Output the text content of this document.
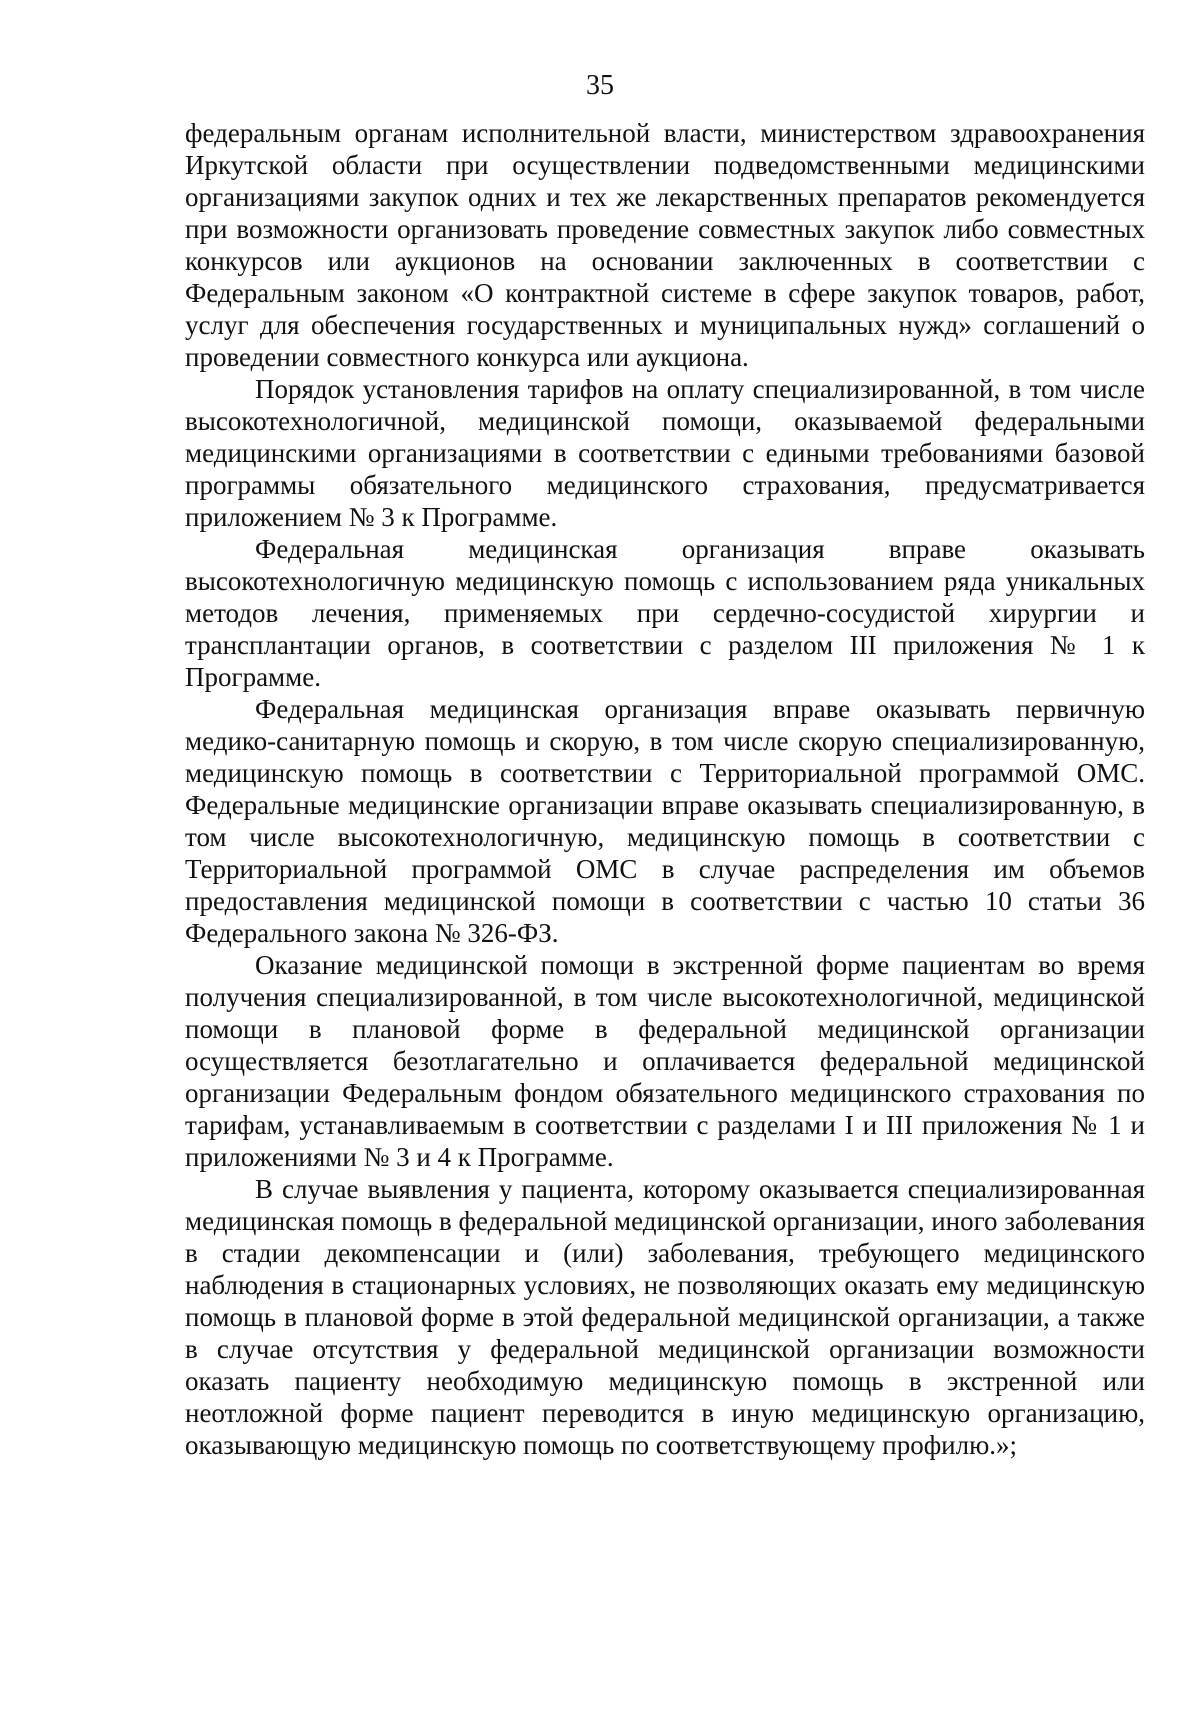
35

федеральным органам исполнительной власти, министерством здравоохранения Иркутской области при осуществлении подведомственными медицинскими организациями закупок одних и тех же лекарственных препаратов рекомендуется при возможности организовать проведение совместных закупок либо совместных конкурсов или аукционов на основании заключенных в соответствии с Федеральным законом «О контрактной системе в сфере закупок товаров, работ, услуг для обеспечения государственных и муниципальных нужд» соглашений о проведении совместного конкурса или аукциона.

Порядок установления тарифов на оплату специализированной, в том числе высокотехнологичной, медицинской помощи, оказываемой федеральными медицинскими организациями в соответствии с едиными требованиями базовой программы обязательного медицинского страхования, предусматривается приложением № 3 к Программе.

Федеральная медицинская организация вправе оказывать высокотехнологичную медицинскую помощь с использованием ряда уникальных методов лечения, применяемых при сердечно-сосудистой хирургии и трансплантации органов, в соответствии с разделом III приложения № 1 к Программе.

Федеральная медицинская организация вправе оказывать первичную медико-санитарную помощь и скорую, в том числе скорую специализированную, медицинскую помощь в соответствии с Территориальной программой ОМС. Федеральные медицинские организации вправе оказывать специализированную, в том числе высокотехнологичную, медицинскую помощь в соответствии с Территориальной программой ОМС в случае распределения им объемов предоставления медицинской помощи в соответствии с частью 10 статьи 36 Федерального закона № 326-ФЗ.

Оказание медицинской помощи в экстренной форме пациентам во время получения специализированной, в том числе высокотехнологичной, медицинской помощи в плановой форме в федеральной медицинской организации осуществляется безотлагательно и оплачивается федеральной медицинской организации Федеральным фондом обязательного медицинского страхования по тарифам, устанавливаемым в соответствии с разделами I и III приложения № 1 и приложениями № 3 и 4 к Программе.

В случае выявления у пациента, которому оказывается специализированная медицинская помощь в федеральной медицинской организации, иного заболевания в стадии декомпенсации и (или) заболевания, требующего медицинского наблюдения в стационарных условиях, не позволяющих оказать ему медицинскую помощь в плановой форме в этой федеральной медицинской организации, а также в случае отсутствия у федеральной медицинской организации возможности оказать пациенту необходимую медицинскую помощь в экстренной или неотложной форме пациент переводится в иную медицинскую организацию, оказывающую медицинскую помощь по соответствующему профилю.»;
